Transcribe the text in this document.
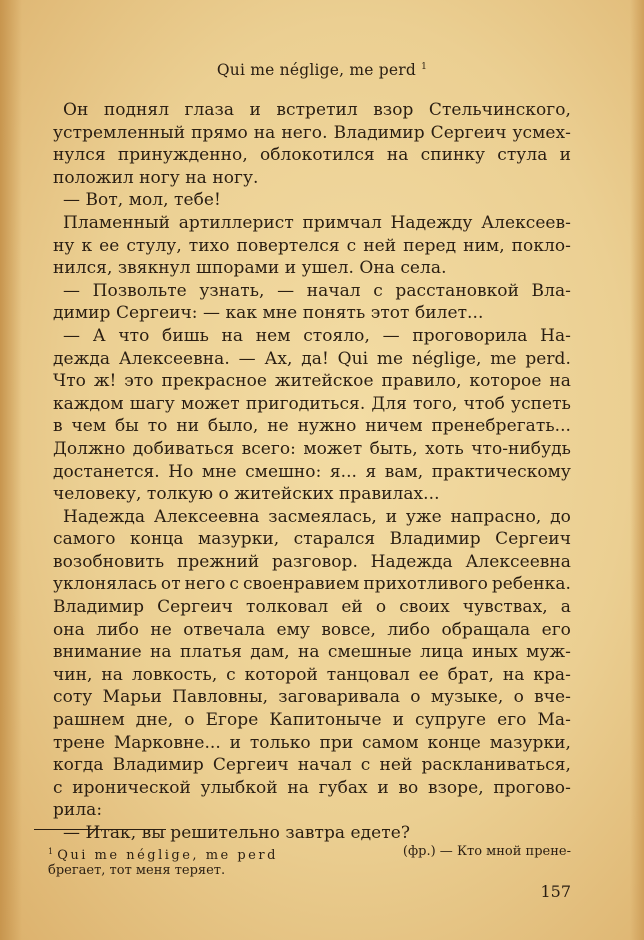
Qui me néglige, me perd $^1$
Он поднял глаза и встретил взор Стельчинского,
устремленный прямо на него. Владимир Сергеич усмех-
нулся принужденно, облокотился на спинку стула и
положил ногу на ногу.
— Вот, мол, тебе!
Пламенный артиллерист примчал Надежду Алексеев-
ну к ее стулу, тихо повертелся с ней перед ним, покло-
нился, звякнул шпорами и ушел. Она села.
— Позвольте узнать, — начал с расстановкой Вла-
димир Сергеич: — как мне понять этот билет...
— А что бишь на нем стояло, — проговорила На-
дежда Алексеевна. — Ах, да! Qui me néglige, me perd.
Что ж! это прекрасное житейское правило, которое на
каждом шагу может пригодиться. Для того, чтоб успеть
в чем бы то ни было, не нужно ничем пренебрегать...
Должно добиваться всего: может быть, хоть что-нибудь
достанется. Но мне смешно: я... я вам, практическому
человеку, толкую о житейских правилах...
Надежда Алексеевна засмеялась, и уже напрасно, до
самого конца мазурки, старался Владимир Сергеич
возобновить прежний разговор. Надежда Алексеевна
уклонялась от него с своенравием прихотливого ребенка.
Владимир Сергеич толковал ей о своих чувствах, а
она либо не отвечала ему вовсе, либо обращала его
внимание на платья дам, на смешные лица иных муж-
чин, на ловкость, с которой танцовал ее брат, на кра-
соту Марьи Павловны, заговаривала о музыке, о вче-
рашнем дне, о Егоре Капитоныче и супруге его Ма-
трене Марковне... и только при самом конце мазурки,
когда Владимир Сергеич начал с ней раскланиваться,
с иронической улыбкой на губах и во взоре, прогово-
рила:
— Итак, вы решительно завтра едете?
$^1$ Qui me néglige, me perd	(фр.) — Кто мной прене-
брегает, тот меня теряет.
157
